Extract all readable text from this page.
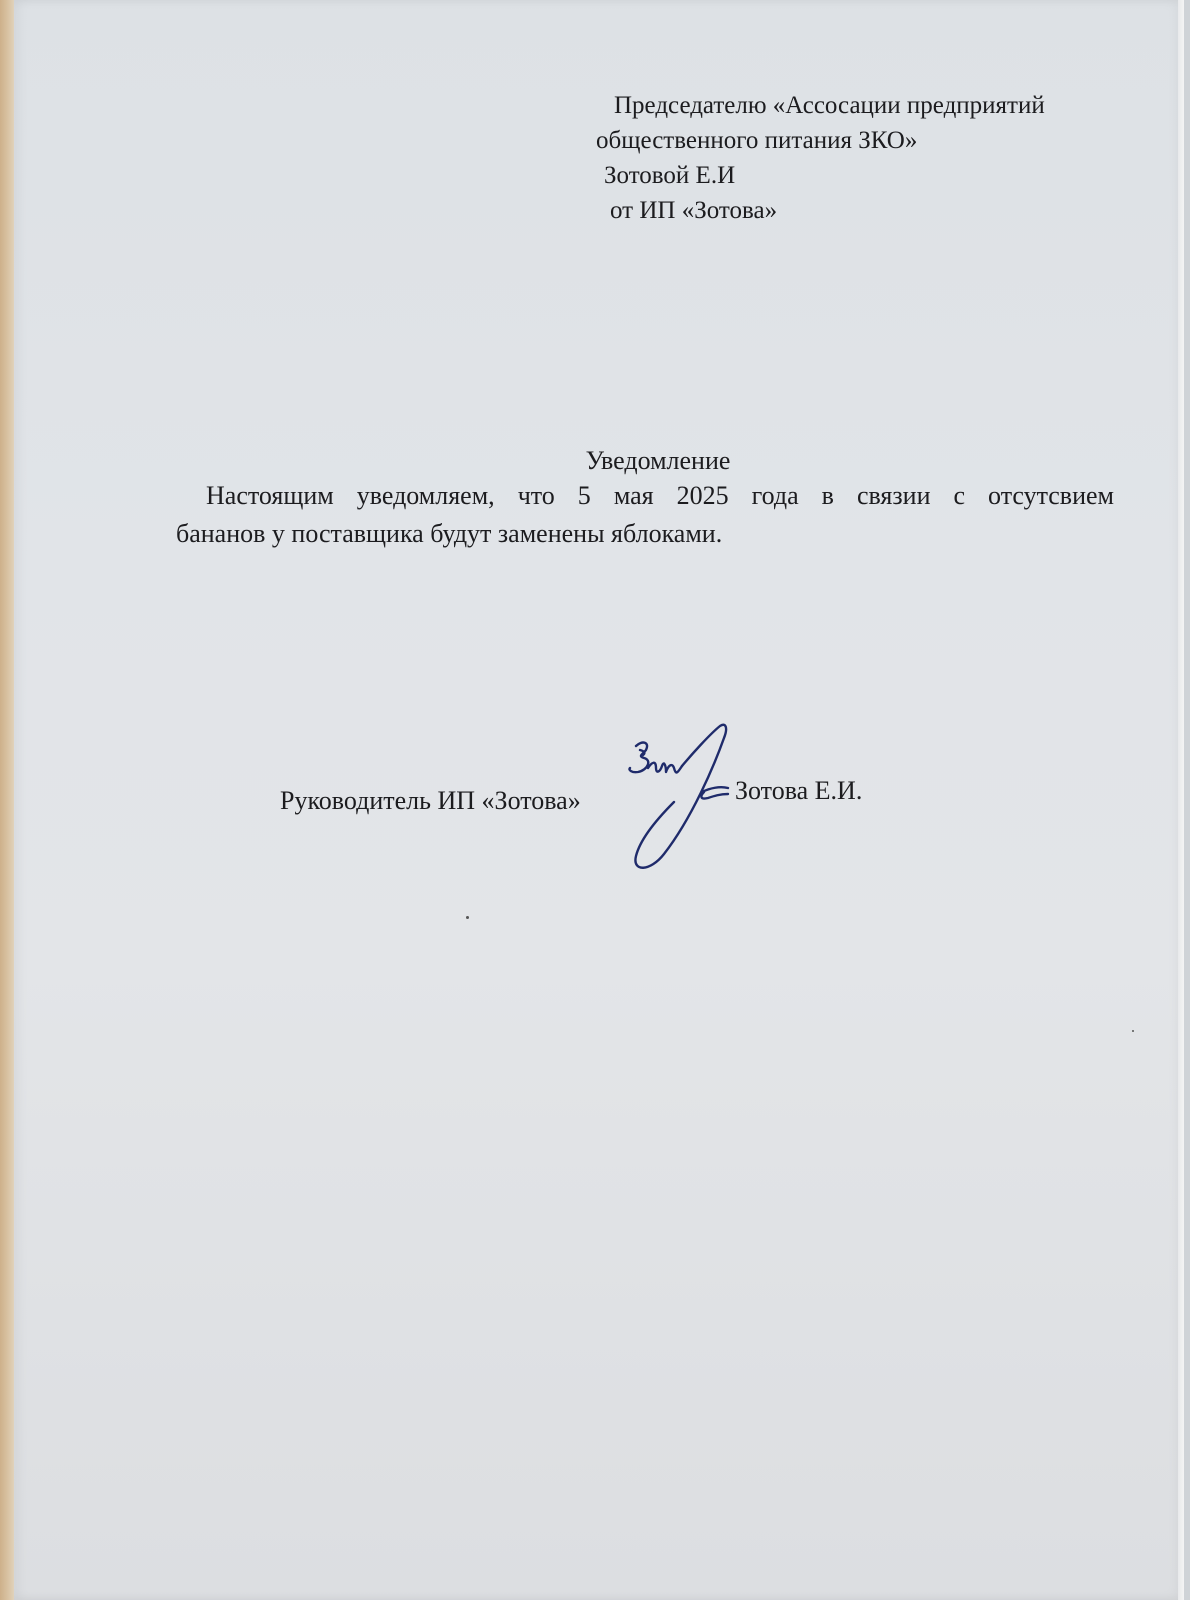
Председателю «Ассосации предприятий
общественного питания ЗКО»
Зотовой Е.И
от ИП «Зотова»
Уведомление
Настоящим уведомляем, что 5 мая 2025 года в связии с отсутсвием
бананов у поставщика будут заменены яблоками.
Руководитель ИП «Зотова»	Зотова Е.И.
